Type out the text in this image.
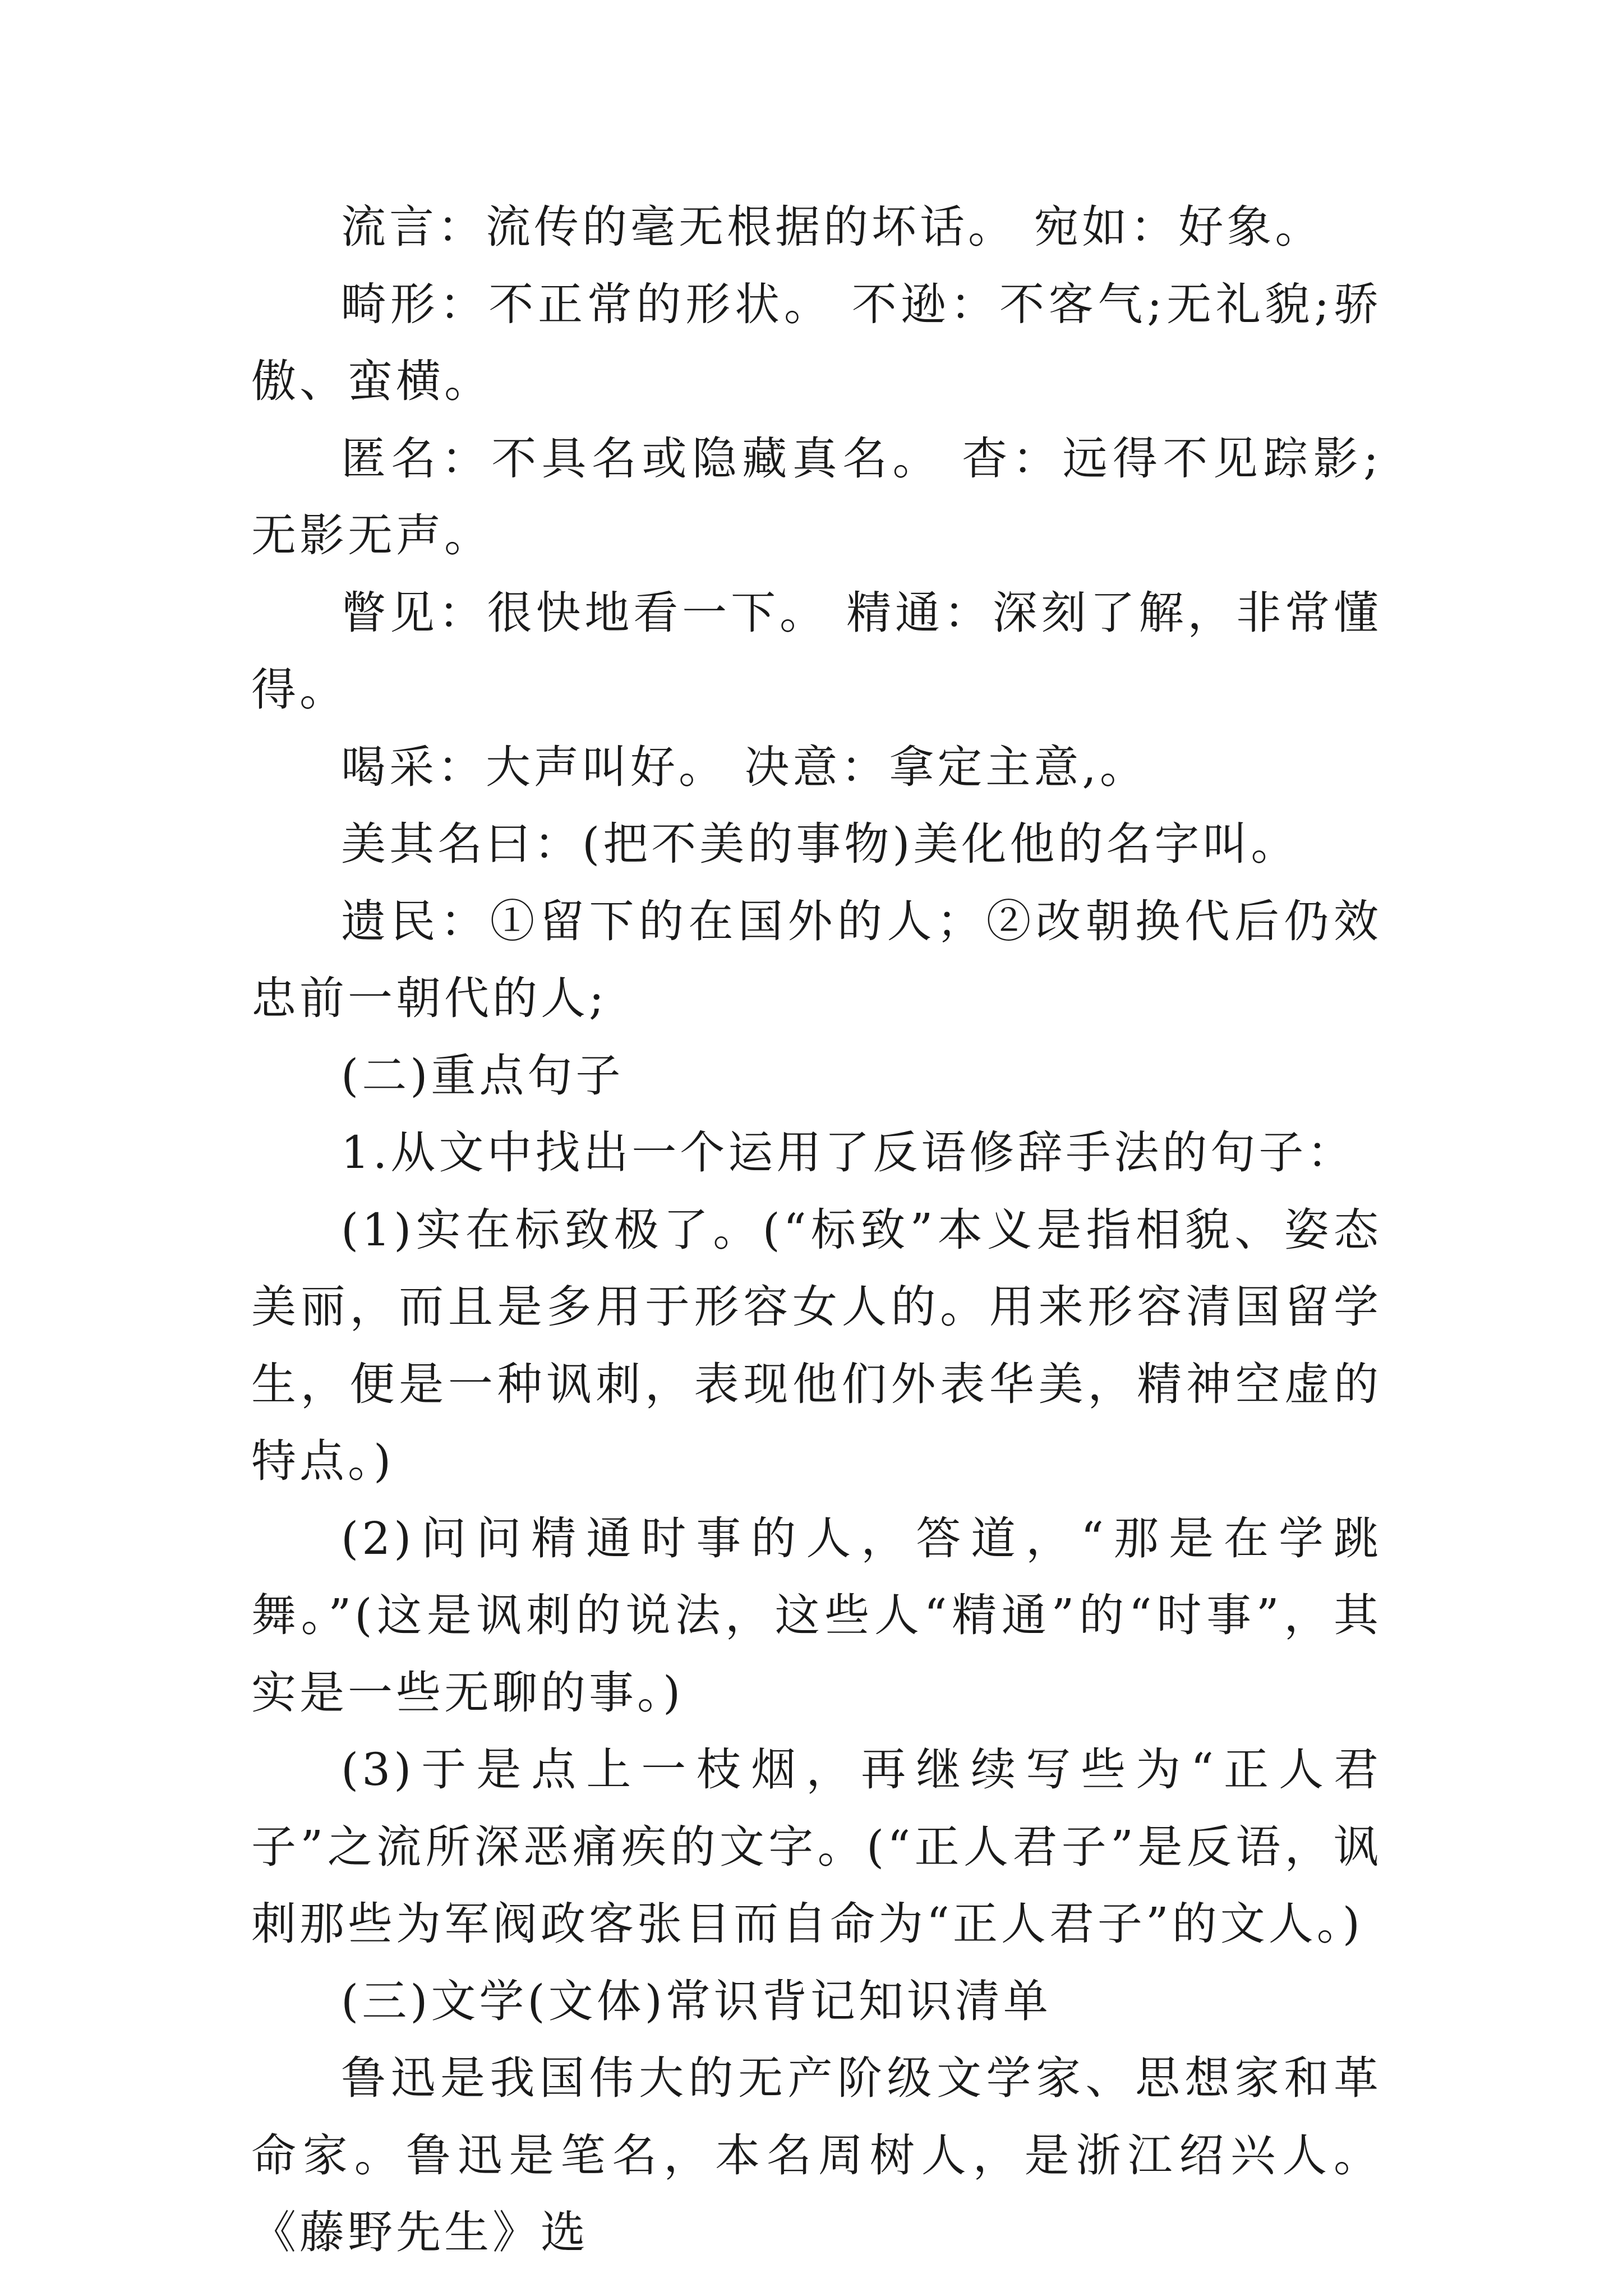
流言：流传的毫无根据的坏话。 宛如：好象。

畸形：不正常的形状。 不逊：不客气;无礼貌;骄傲、蛮横。

匿名：不具名或隐藏真名。 杳：远得不见踪影;无影无声。

瞥见：很快地看一下。 精通：深刻了解，非常懂得。

喝采：大声叫好。 决意：拿定主意,。

美其名曰：(把不美的事物)美化他的名字叫。

遗民：①留下的在国外的人；②改朝换代后仍效忠前一朝代的人;

(二)重点句子

1.从文中找出一个运用了反语修辞手法的句子：

(1)实在标致极了。(“标致”本义是指相貌、姿态美丽，而且是多用于形容女人的。用来形容清国留学生，便是一种讽刺，表现他们外表华美，精神空虚的特点。)

(2)问问精通时事的人，答道，“那是在学跳舞。”(这是讽刺的说法，这些人“精通”的“时事”，其实是一些无聊的事。)

(3)于是点上一枝烟，再继续写些为“正人君子”之流所深恶痛疾的文字。(“正人君子”是反语，讽刺那些为军阀政客张目而自命为“正人君子”的文人。)

(三)文学(文体)常识背记知识清单

鲁迅是我国伟大的无产阶级文学家、思想家和革命家。鲁迅是笔名，本名周树人，是浙江绍兴人。《藤野先生》选
